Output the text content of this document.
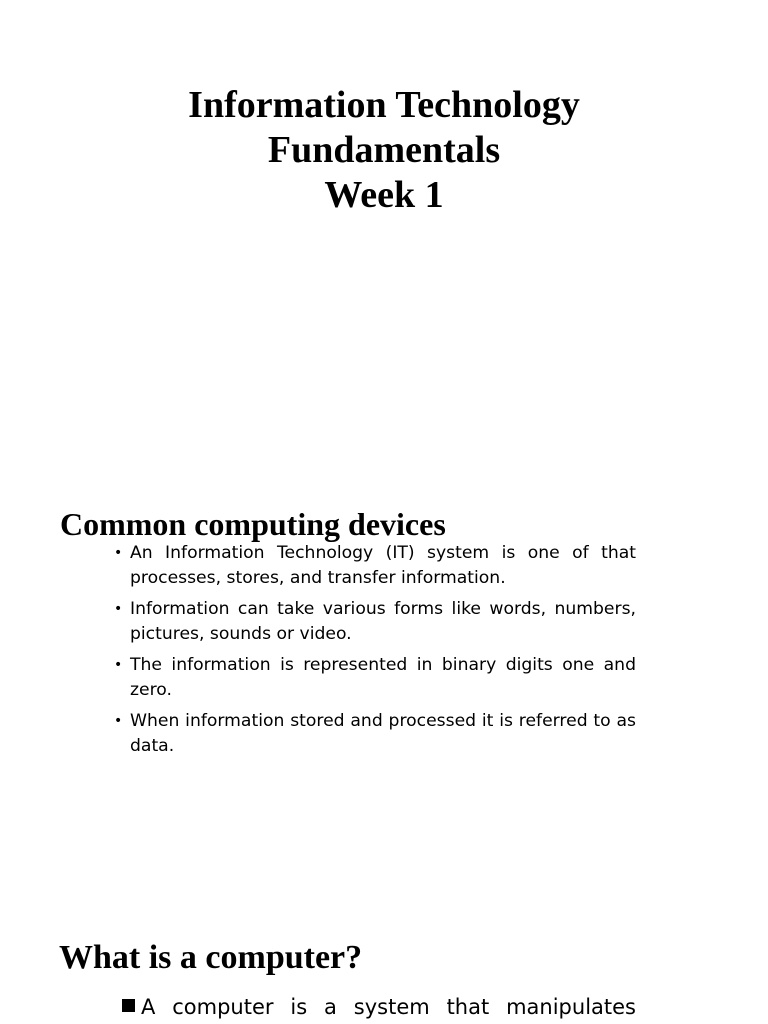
Information Technology
Fundamentals
Week 1
Common computing devices
• An Information Technology (IT) system is one of that processes, stores, and transfer information.
• Information can take various forms like words, numbers, pictures, sounds or video.
• The information is represented in binary digits one and zero.
• When information stored and processed it is referred to as data.
What is a computer?
A computer is a system that manipulates
